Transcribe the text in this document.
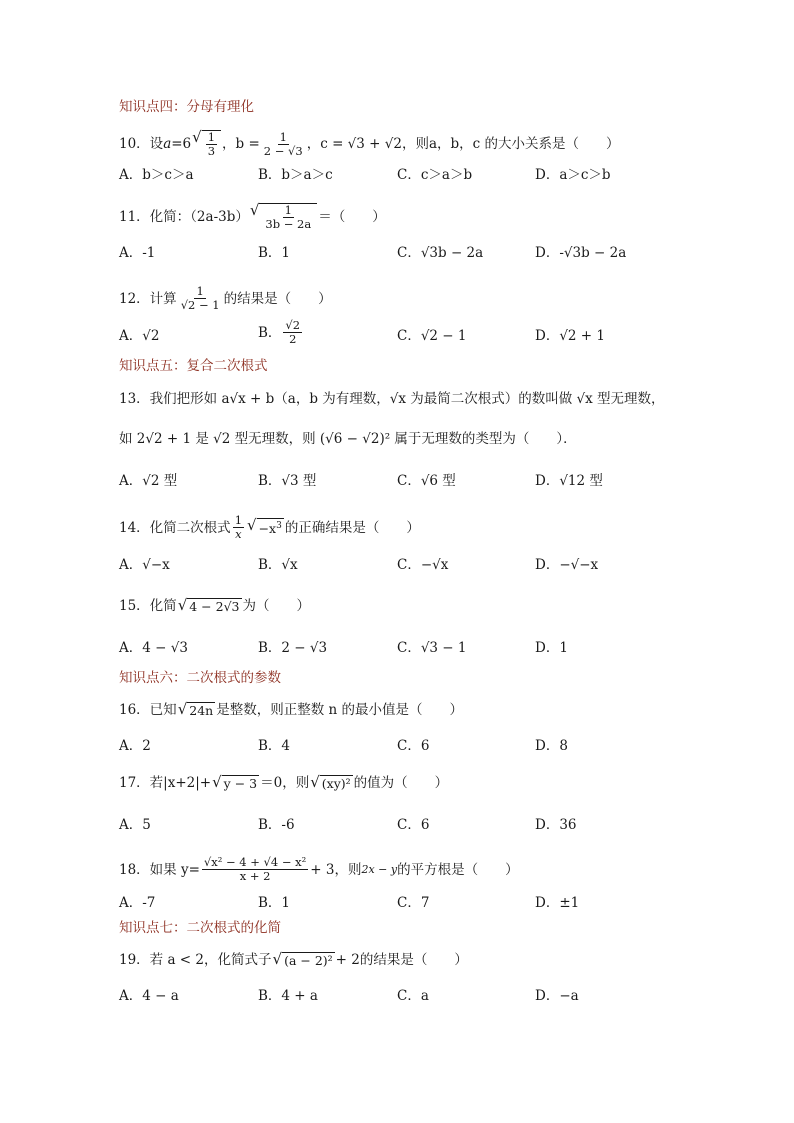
知识点四：分母有理化
10．设 a =6 √ $\frac{1}{3}$ ，$b = \frac{1}{2 - √3}$ ，c = √3 + √2，则 a，b，c 的大小关系是（　　）
A．b＞c＞a	B．b＞a＞c	C．c＞a＞b	D．a＞c＞b
11．化简：（2a-3b） √ $\frac{1}{3b - 2a}$ ＝（　　）
A．-1	B．1	C．√3b − 2a	D．-√3b − 2a
12．计算 $\frac{1}{√2 - 1}$ 的结果是（　　）
A．√2	B． $\frac{√2}{2}$	C．√2 − 1	D．√2 + 1
知识点五：复合二次根式
13．我们把形如 a√x + b（a，b 为有理数，√x 为最简二次根式）的数叫做 √x 型无理数，
如 2√2 + 1 是 √2 型无理数，则 (√6 − √2)² 属于无理数的类型为（　　）．
A．√2 型	B．√3 型	C．√6 型	D．√12 型
14．化简二次根式 $\frac{1}{x}$ √ $-x^3$ 的正确结果是（　　）
A．√−x	B．√x	C．−√x	D．−√−x
15．化简 √ 4 − 2√3 为（　　）
A．4 − √3	B．2 − √3	C．√3 − 1	D．1
知识点六：二次根式的参数
16．已知 √ 24n 是整数，则正整数 n 的最小值是（　　）
A．2	B．4	C．6	D．8
17．若|x+2|+ √ y − 3 ＝0，则 √ (xy)² 的值为（　　）
A．5	B．-6	C．6	D．36
18．如果 $y= \frac{\text{√x² − 4 + √4 − x²}}{x + 2} + 3$，则 2x − y 的平方根是（　　）
A．-7	B．1	C．7	D．±1
知识点七：二次根式的化简
19．若 a < 2，化简式子 √ (a − 2)² + 2 的结果是（　　）
A．4 − a	B．4 + a	C．a	D．−a
